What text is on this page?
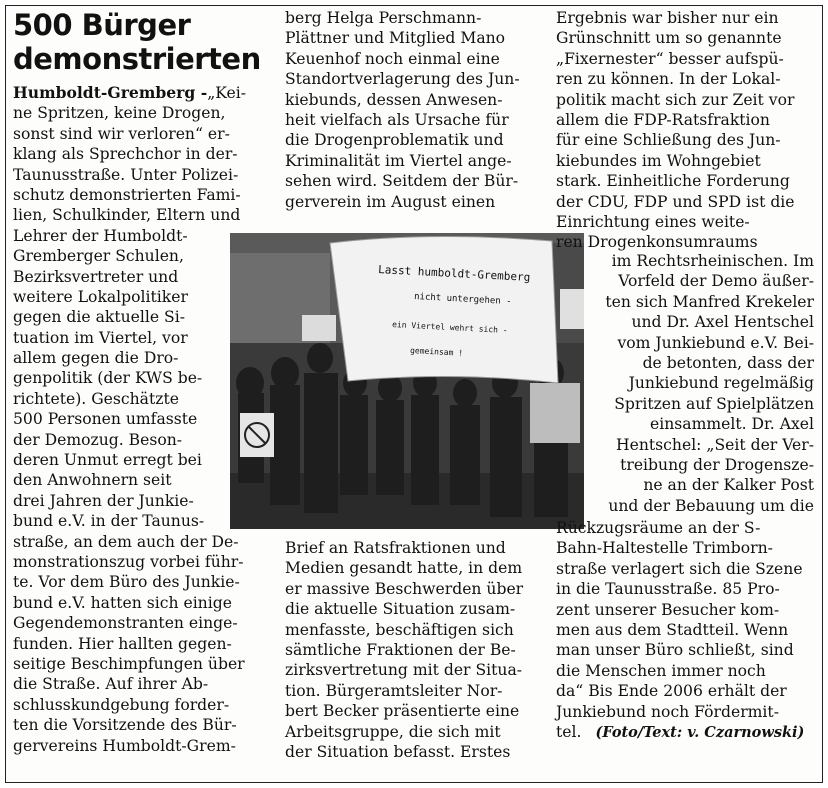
500 Bürger
demonstrierten
Humboldt-Gremberg -„Kei-
ne Spritzen, keine Drogen,
sonst sind wir verloren“ er-
klang als Sprechchor in der-
Taunusstraße. Unter Polizei-
schutz demonstrierten Fami-
lien, Schulkinder, Eltern und
Lehrer der Humboldt-
Gremberger Schulen,
Bezirksvertreter und
weitere Lokalpolitiker
gegen die aktuelle Si-
tuation im Viertel, vor
allem gegen die Dro-
genpolitik (der KWS be-
richtete). Geschätzte
500 Personen umfasste
der Demozug. Beson-
deren Unmut erregt bei
den Anwohnern seit
drei Jahren der Junkie-
bund e.V. in der Taunus-
straße, an dem auch der De-
monstrationszug vorbei führ-
te. Vor dem Büro des Junkie-
bund e.V. hatten sich einige
Gegendemonstranten einge-
funden. Hier hallten gegen-
seitige Beschimpfungen über
die Straße. Auf ihrer Ab-
schlusskundgebung forder-
ten die Vorsitzende des Bür-
gervereins Humboldt-Grem-
berg Helga Perschmann-
Plättner und Mitglied Mano
Keuenhof noch einmal eine
Standortverlagerung des Jun-
kiebunds, dessen Anwesen-
heit vielfach als Ursache für
die Drogenproblematik und
Kriminalität im Viertel ange-
sehen wird. Seitdem der Bür-
gerverein im August einen
Lasst humboldt-Gremberg
nicht untergehen -
ein Viertel wehrt sich -
gemeinsam !
Brief an Ratsfraktionen und
Medien gesandt hatte, in dem
er massive Beschwerden über
die aktuelle Situation zusam-
menfasste, beschäftigen sich
sämtliche Fraktionen der Be-
zirksvertretung mit der Situa-
tion. Bürgeramtsleiter Nor-
bert Becker präsentierte eine
Arbeitsgruppe, die sich mit
der Situation befasst. Erstes
Ergebnis war bisher nur ein
Grünschnitt um so genannte
„Fixernester“ besser aufspü-
ren zu können. In der Lokal-
politik macht sich zur Zeit vor
allem die FDP-Ratsfraktion
für eine Schließung des Jun-
kiebundes im Wohngebiet
stark. Einheitliche Forderung
der CDU, FDP und SPD ist die
Einrichtung eines weite-
ren Drogenkonsumraums
im Rechtsrheinischen. Im
Vorfeld der Demo äußer-
ten sich Manfred Krekeler
und Dr. Axel Hentschel
vom Junkiebund e.V. Bei-
de betonten, dass der
Junkiebund regelmäßig
Spritzen auf Spielplätzen
einsammelt. Dr. Axel
Hentschel: „Seit der Ver-
treibung der Drogensze-
ne an der Kalker Post
und der Bebauung um die
Rückzugsräume an der S-
Bahn-Haltestelle Trimborn-
straße verlagert sich die Szene
in die Taunusstraße. 85 Pro-
zent unserer Besucher kom-
men aus dem Stadtteil. Wenn
man unser Büro schließt, sind
die Menschen immer noch
da“ Bis Ende 2006 erhält der
Junkiebund noch Fördermit-
tel. (Foto/Text: v. Czarnowski)
